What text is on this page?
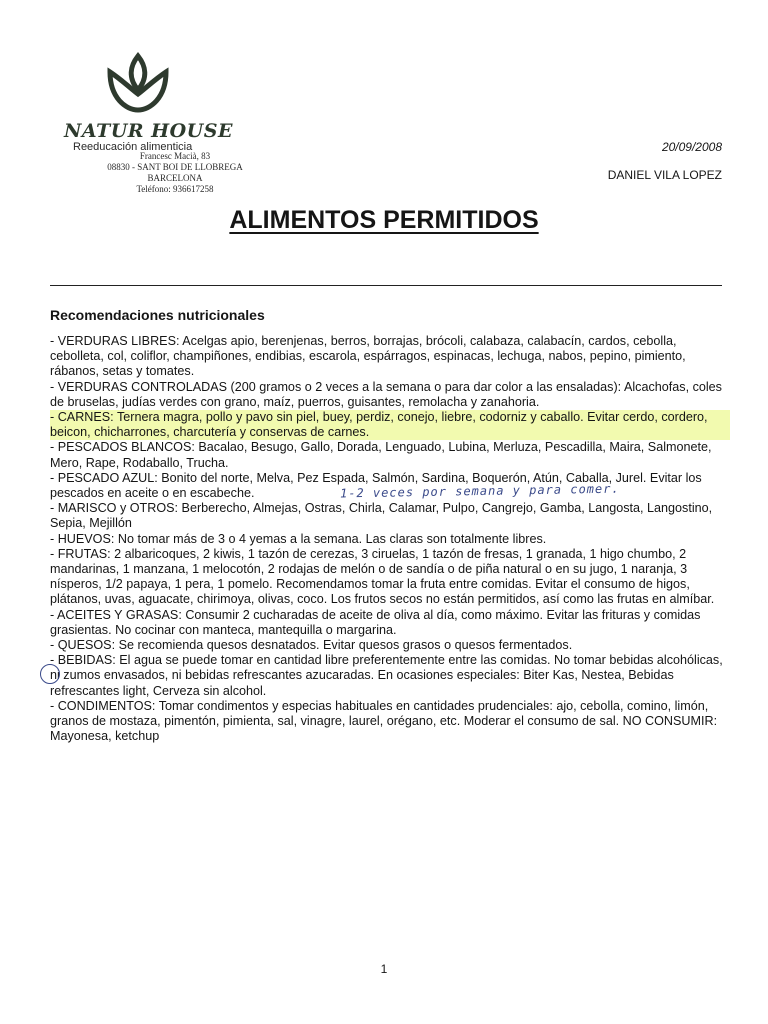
NATUR HOUSE
Reeducación alimenticia
Francesc Macià, 83
08830 - SANT BOI DE LLOBREGA
BARCELONA
Teléfono: 936617258
20/09/2008
DANIEL VILA LOPEZ
ALIMENTOS PERMITIDOS
Recomendaciones nutricionales

- VERDURAS LIBRES: Acelgas apio, berenjenas, berros, borrajas, brócoli, calabaza, calabacín, cardos, cebolla, cebolleta, col, coliflor, champiñones, endibias, escarola, espárragos, espinacas, lechuga, nabos, pepino, pimiento, rábanos, setas y tomates.

- VERDURAS CONTROLADAS (200 gramos o 2 veces a la semana o para dar color a las ensaladas): Alcachofas, coles de bruselas, judías verdes con grano, maíz, puerros, guisantes, remolacha y zanahoria.

- CARNES: Ternera magra, pollo y pavo sin piel, buey, perdiz, conejo, liebre, codorniz y caballo. Evitar cerdo, cordero, beicon, chicharrones, charcutería y conservas de carnes.

- PESCADOS BLANCOS: Bacalao, Besugo, Gallo, Dorada, Lenguado, Lubina, Merluza, Pescadilla, Maira, Salmonete, Mero, Rape, Rodaballo, Trucha.

- PESCADO AZUL: Bonito del norte, Melva, Pez Espada, Salmón, Sardina, Boquerón, Atún, Caballa, Jurel. Evitar los pescados en aceite o en escabeche.

- MARISCO y OTROS: Berberecho, Almejas, Ostras, Chirla, Calamar, Pulpo, Cangrejo, Gamba, Langosta, Langostino, Sepia, Mejillón

- HUEVOS: No tomar más de 3 o 4 yemas a la semana. Las claras son totalmente libres.

- FRUTAS: 2 albaricoques, 2 kiwis, 1 tazón de cerezas, 3 ciruelas, 1 tazón de fresas, 1 granada, 1 higo chumbo, 2 mandarinas, 1 manzana, 1 melocotón, 2 rodajas de melón o de sandía o de piña natural o en su jugo, 1 naranja, 3 nísperos, 1/2 papaya, 1 pera, 1 pomelo. Recomendamos tomar la fruta entre comidas. Evitar el consumo de higos, plátanos, uvas, aguacate, chirimoya, olivas, coco. Los frutos secos no están permitidos, así como las frutas en almíbar.

- ACEITES Y GRASAS: Consumir 2 cucharadas de aceite de oliva al día, como máximo. Evitar las frituras y comidas grasientas. No cocinar con manteca, mantequilla o margarina.

- QUESOS: Se recomienda quesos desnatados. Evitar quesos grasos o quesos fermentados.

- BEBIDAS: El agua se puede tomar en cantidad libre preferentemente entre las comidas. No tomar bebidas alcohólicas, ni zumos envasados, ni bebidas refrescantes azucaradas. En ocasiones especiales: Biter Kas, Nestea, Bebidas refrescantes light, Cerveza sin alcohol.

- CONDIMENTOS: Tomar condimentos y especias habituales en cantidades prudenciales: ajo, cebolla, comino, limón, granos de mostaza, pimentón, pimienta, sal, vinagre, laurel, orégano, etc. Moderar el consumo de sal. NO CONSUMIR: Mayonesa, ketchup

1-2 veces por semana y para comer.
1
